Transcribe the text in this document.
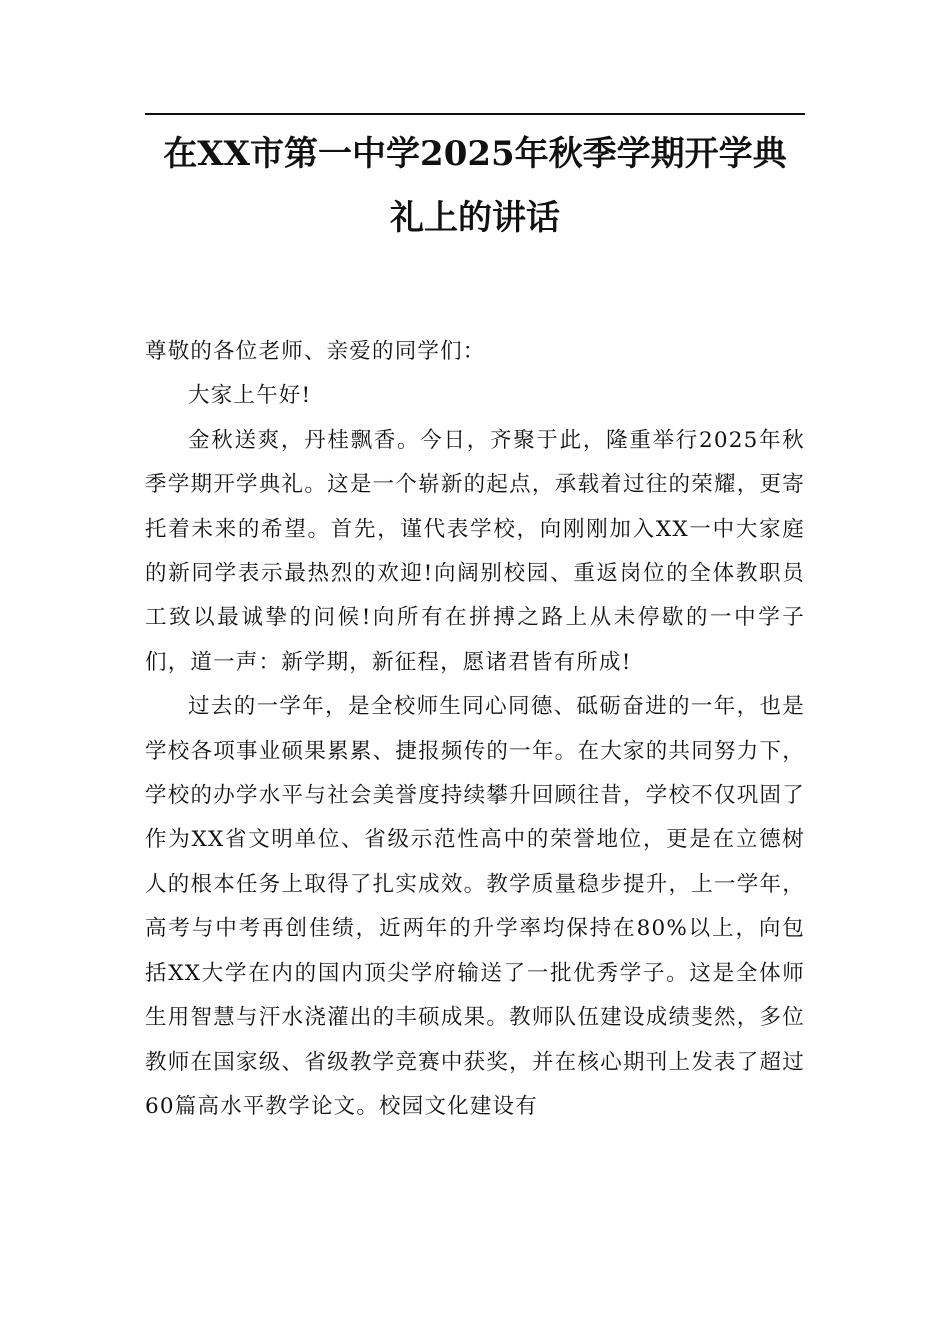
在XX市第一中学2025年秋季学期开学典
礼上的讲话

尊敬的各位老师、亲爱的同学们：

大家上午好!

金秋送爽，丹桂飘香。今日，齐聚于此，隆重举行2025年秋季学期开学典礼。这是一个崭新的起点，承载着过往的荣耀，更寄托着未来的希望。首先，谨代表学校，向刚刚加入XX一中大家庭的新同学表示最热烈的欢迎!向阔别校园、重返岗位的全体教职员工致以最诚挚的问候!向所有在拼搏之路上从未停歇的一中学子们，道一声：新学期，新征程，愿诸君皆有所成!

过去的一学年，是全校师生同心同德、砥砺奋进的一年，也是学校各项事业硕果累累、捷报频传的一年。在大家的共同努力下，学校的办学水平与社会美誉度持续攀升回顾往昔，学校不仅巩固了作为XX省文明单位、省级示范性高中的荣誉地位，更是在立德树人的根本任务上取得了扎实成效。教学质量稳步提升，上一学年，高考与中考再创佳绩，近两年的升学率均保持在80%以上，向包括XX大学在内的国内顶尖学府输送了一批优秀学子。这是全体师生用智慧与汗水浇灌出的丰硕成果。教师队伍建设成绩斐然，多位教师在国家级、省级教学竞赛中获奖，并在核心期刊上发表了超过60篇高水平教学论文。校园文化建设有
